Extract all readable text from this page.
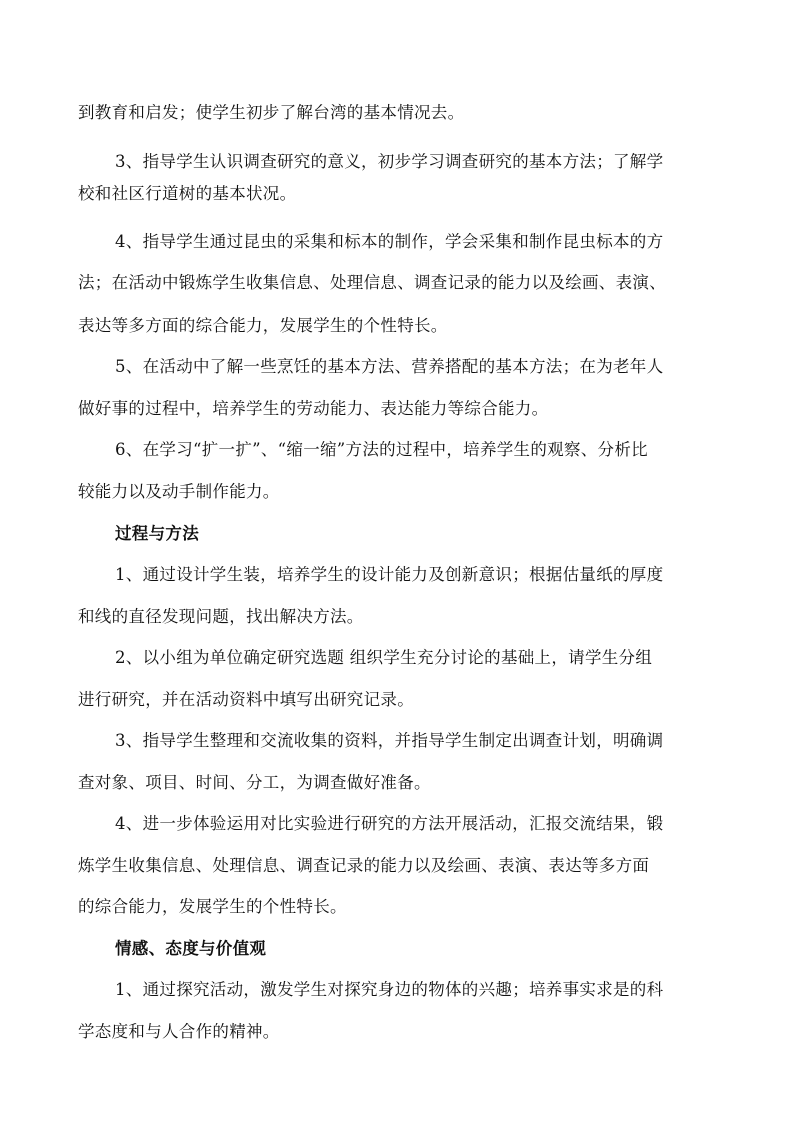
到教育和启发；使学生初步了解台湾的基本情况去。
3、指导学生认识调查研究的意义，初步学习调查研究的基本方法；了解学
校和社区行道树的基本状况。
4、指导学生通过昆虫的采集和标本的制作，学会采集和制作昆虫标本的方
法；在活动中锻炼学生收集信息、处理信息、调查记录的能力以及绘画、表演、
表达等多方面的综合能力，发展学生的个性特长。
5、在活动中了解一些烹饪的基本方法、营养搭配的基本方法；在为老年人
做好事的过程中，培养学生的劳动能力、表达能力等综合能力。
6、在学习“扩一扩”、“缩一缩”方法的过程中，培养学生的观察、分析比
较能力以及动手制作能力。
过程与方法
1、通过设计学生装，培养学生的设计能力及创新意识；根据估量纸的厚度
和线的直径发现问题，找出解决方法。
2、以小组为单位确定研究选题 组织学生充分讨论的基础上，请学生分组
进行研究，并在活动资料中填写出研究记录。
3、指导学生整理和交流收集的资料，并指导学生制定出调查计划，明确调
查对象、项目、时间、分工，为调查做好准备。
4、进一步体验运用对比实验进行研究的方法开展活动，汇报交流结果，锻
炼学生收集信息、处理信息、调查记录的能力以及绘画、表演、表达等多方面
的综合能力，发展学生的个性特长。
情感、态度与价值观
1、通过探究活动，激发学生对探究身边的物体的兴趣；培养事实求是的科
学态度和与人合作的精神。
